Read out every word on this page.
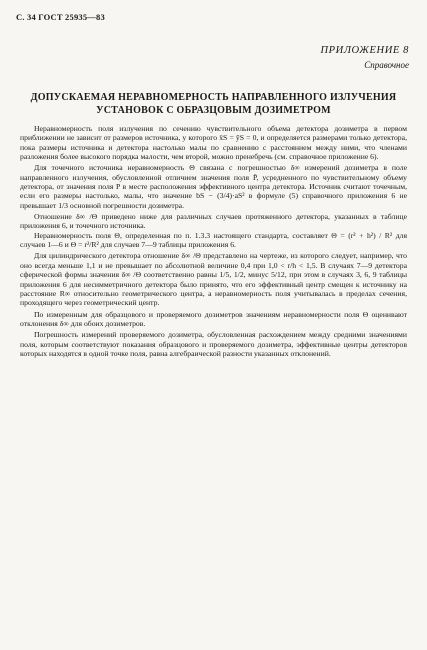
С. 34 ГОСТ 25935—83
ПРИЛОЖЕНИЕ 8
Справочное
ДОПУСКАЕМАЯ НЕРАВНОМЕРНОСТЬ НАПРАВЛЕННОГО ИЗЛУЧЕНИЯ
УСТАНОВОК С ОБРАЗЦОВЫМ ДОЗИМЕТРОМ

Неравномерность поля излучения по сечению чувствительного объема детектора дозиметра в первом приближении не зависит от размеров источника, у которого x̄S = ȳS = 0, и определяется размерами только детектора, пока размеры источника и детектора настолько малы по сравнению с расстоянием между ними, что членами разложения более высокого порядка малости, чем второй, можно пренебречь (см. справочное приложение 6).

Для точечного источника неравномерность Θ связана с погрешностью δ∞ измерений дозиметра в поле направленного излучения, обусловленной отличием значения поля P̄, усредненного по чувствительному объему детектора, от значения поля P в месте расположения эффективного центра детектора. Источник считают точечным, если его размеры настолько, малы, что значение bS − (3/4)·aS² в формуле (5) справочного приложения 6 не превышает 1/3 основной погрешности дозиметра.

Отношение δ∞ /Θ приведено ниже для различных случаев протяженного детектора, указанных в таблице приложения 6, и точечного источника.

Неравномерность поля Θ, определенная по п. 1.3.3 настоящего стандарта, составляет Θ = (r² + h²) / R² для случаев 1—6 и Θ = r²/R² для случаев 7—9 таблицы приложения 6.

Для цилиндрического детектора отношение δ∞ /Θ представлено на чертеже, из которого следует, например, что оно всегда меньше 1,1 и не превышает по абсолютной величине 0,4 при 1,0 < r/h < 1,5. В случаях 7—9 детектора сферической формы значения δ∞ /Θ соответственно равны 1/5, 1/2, минус 5/12, при этом в случаях 3, 6, 9 таблицы приложения 6 для несимметричного детектора было принято, что его эффективный центр смещен к источнику на расстояние R∞ относительно геометрического центра, а неравномерность поля учитывалась в пределах сечения, проходящего через геометрический центр.

По измеренным для образцового и проверяемого дозиметров значениям неравномерности поля Θ оценивают отклонения δ∞ для обоих дозиметров.

Погрешность измерений проверяемого дозиметра, обусловленная расхождением между средними значениями поля, которым соответствуют показания образцового и проверяемого дозиметра, эффективные центры детекторов которых находятся в одной точке поля, равна алгебраической разности указанных отклонений.
